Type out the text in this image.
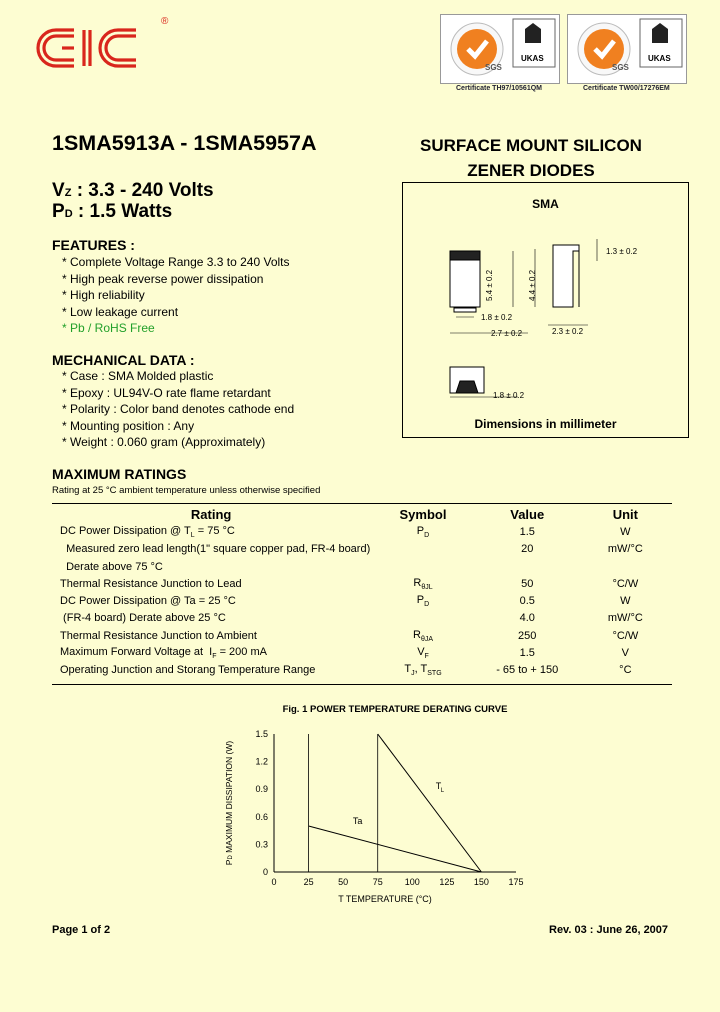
®
SGS
UKAS
SGS
UKAS
Certificate TH97/10561QM	Certificate TW00/17276EM
1SMA5913A - 1SMA5957A	SURFACE MOUNT SILICON
ZENER DIODES
VZ : 3.3 - 240 Volts
PD : 1.5 Watts
FEATURES :
* Complete Voltage Range 3.3 to 240 Volts
* High peak reverse power dissipation
* High reliability
* Low leakage current
* Pb / RoHS Free
MECHANICAL DATA :
* Case : SMA Molded plastic
* Epoxy : UL94V-O rate flame retardant
* Polarity : Color band denotes cathode end
* Mounting position : Any
* Weight : 0.060 gram (Approximately)
SMA
5.4 ± 0.2	4.4 ± 0.2
1.3 ± 0.2
1.8 ± 0.2
2.7 ± 0.2	2.3 ± 0.2
1.8 ± 0.2
Dimensions in millimeter
MAXIMUM RATINGS
Rating at 25 °C ambient temperature unless otherwise specified
Rating	Symbol	Value	Unit
DC Power Dissipation @ $T_L = 75$ °C	$P_D$	1.5	W
Measured zero lead length(1" square copper pad, FR-4 board)		20	mW/°C
Derate above 75 °C			
Thermal Resistance Junction to Lead	$R_{\theta JL}$	50	°C/W
DC Power Dissipation @ Ta = 25 °C	$P_D$	0.5	W
(FR-4 board) Derate above 25 °C		4.0	mW/°C
Thermal Resistance Junction to Ambient	$R_{\theta JA}$	250	°C/W
Maximum Forward Voltage at  $I_F = 200$ mA	$V_F$	1.5	V
Operating Junction and Storang Temperature Range	$T_J$, $T_{STG}$	- 65 to + 150	°C
Fig. 1 POWER TEMPERATURE DERATING CURVE
0	25	50	75 100 125 150 175
0
0.3
0.6
0.9
1.2
1.5
T L
Ta
T TEMPERATURE (°C)
PD MAXIMUM DISSIPATION (W)
Page 1 of 2	Rev. 03 : June 26, 2007
